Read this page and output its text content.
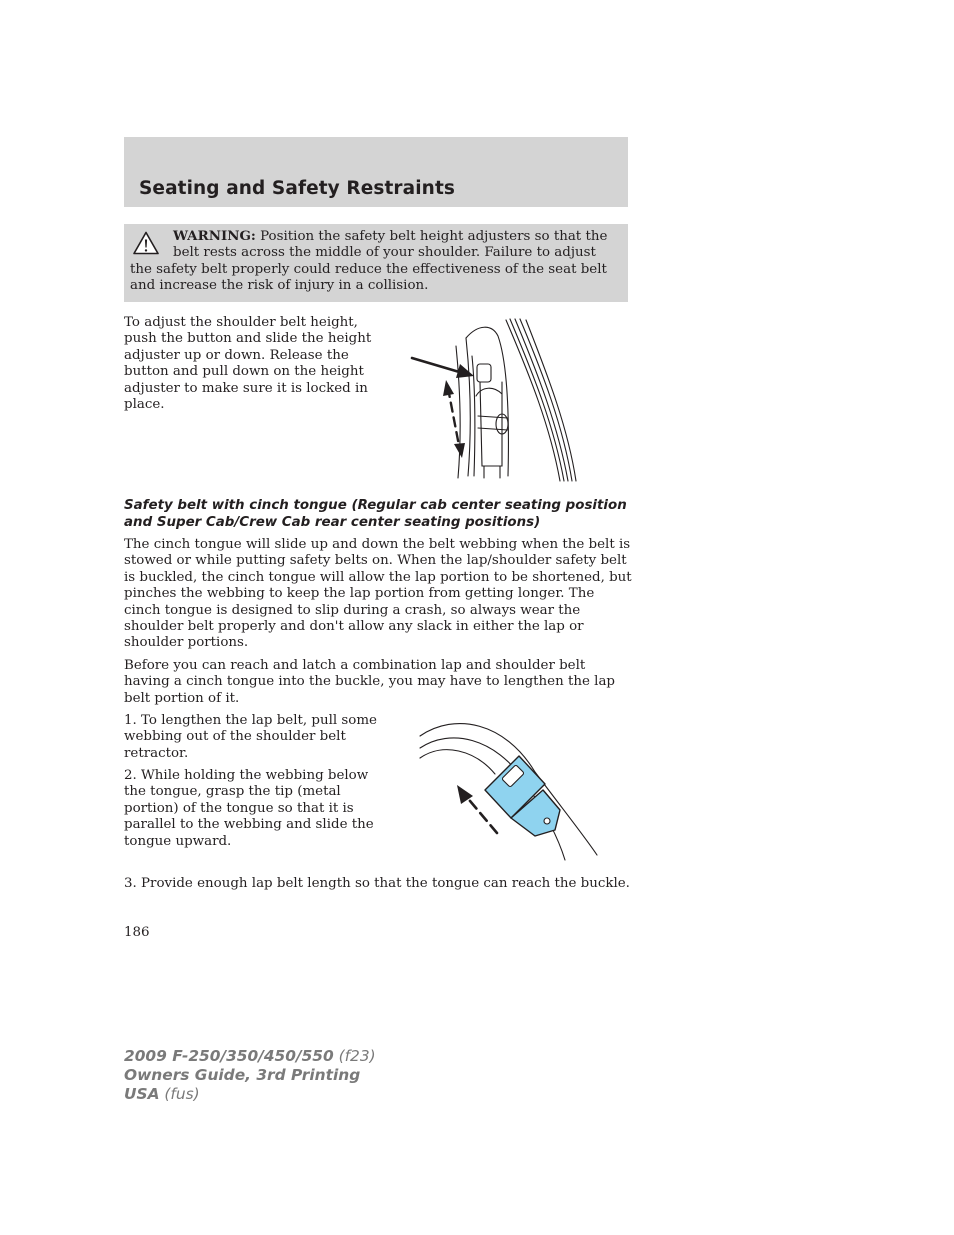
Seating and Safety Restraints

WARNING: Position the safety belt height adjusters so that the belt rests across the middle of your shoulder. Failure to adjust the safety belt properly could reduce the effectiveness of the seat belt and increase the risk of injury in a collision.

To adjust the shoulder belt height, push the button and slide the height adjuster up or down. Release the button and pull down on the height adjuster to make sure it is locked in place.

Safety belt with cinch tongue (Regular cab center seating position and Super Cab/Crew Cab rear center seating positions)

The cinch tongue will slide up and down the belt webbing when the belt is stowed or while putting safety belts on. When the lap/shoulder safety belt is buckled, the cinch tongue will allow the lap portion to be shortened, but pinches the webbing to keep the lap portion from getting longer. The cinch tongue is designed to slip during a crash, so always wear the shoulder belt properly and don't allow any slack in either the lap or shoulder portions.

Before you can reach and latch a combination lap and shoulder belt having a cinch tongue into the buckle, you may have to lengthen the lap belt portion of it.

1. To lengthen the lap belt, pull some webbing out of the shoulder belt retractor.

2. While holding the webbing below the tongue, grasp the tip (metal portion) of the tongue so that it is parallel to the webbing and slide the tongue upward.

3. Provide enough lap belt length so that the tongue can reach the buckle.

186

2009 F-250/350/450/550 (f23)
Owners Guide, 3rd Printing
USA (fus)
